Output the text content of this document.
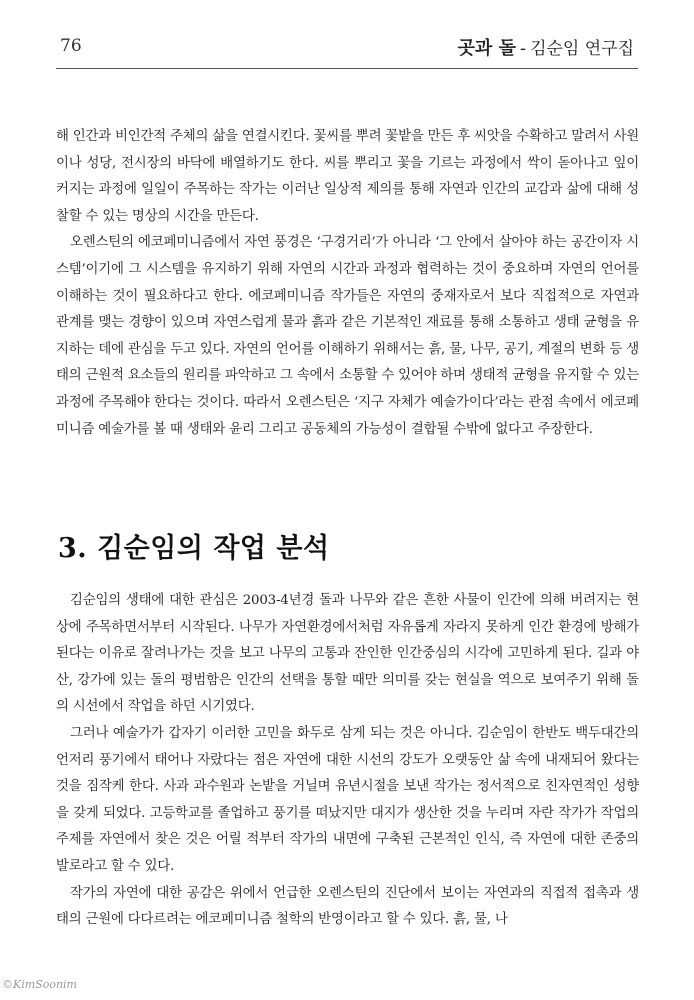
76	곳과 돌 - 김순임 연구집

해 인간과 비인간적 주체의 삶을 연결시킨다. 꽃씨를 뿌려 꽃밭을 만든 후 씨앗을 수확하고 말려서 사원이나 성당, 전시장의 바닥에 배열하기도 한다. 씨를 뿌리고 꽃을 기르는 과정에서 싹이 돋아나고 잎이 커지는 과정에 일일이 주목하는 작가는 이러난 일상적 제의를 통해 자연과 인간의 교감과 삶에 대해 성찰할 수 있는 명상의 시간을 만든다.

오렌스틴의 에코페미니즘에서 자연 풍경은 ‘구경거리’가 아니라 ‘그 안에서 살아야 하는 공간이자 시스템’이기에 그 시스템을 유지하기 위해 자연의 시간과 과정과 협력하는 것이 중요하며 자연의 언어를 이해하는 것이 필요하다고 한다. 에코페미니즘 작가들은 자연의 중재자로서 보다 직접적으로 자연과 관계를 맺는 경향이 있으며 자연스럽게 물과 흙과 같은 기본적인 재료를 통해 소통하고 생태 균형을 유지하는 데에 관심을 두고 있다. 자연의 언어를 이해하기 위해서는 흙, 물, 나무, 공기, 계절의 변화 등 생태의 근원적 요소들의 원리를 파악하고 그 속에서 소통할 수 있어야 하며 생태적 균형을 유지할 수 있는 과정에 주목해야 한다는 것이다. 따라서 오렌스틴은 ‘지구 자체가 예술가이다’라는 관점 속에서 에코페미니즘 예술가를 볼 때 생태와 윤리 그리고 공동체의 가능성이 결합될 수밖에 없다고 주장한다.

3. 김순임의 작업 분석

김순임의 생태에 대한 관심은 2003-4년경 돌과 나무와 같은 흔한 사물이 인간에 의해 버려지는 현상에 주목하면서부터 시작된다. 나무가 자연환경에서처럼 자유롭게 자라지 못하게 인간 환경에 방해가 된다는 이유로 잘려나가는 것을 보고 나무의 고통과 잔인한 인간중심의 시각에 고민하게 된다. 길과 야산, 강가에 있는 돌의 평범함은 인간의 선택을 통할 때만 의미를 갖는 현실을 역으로 보여주기 위해 돌의 시선에서 작업을 하던 시기였다.

그러나 예술가가 갑자기 이러한 고민을 화두로 삼게 되는 것은 아니다. 김순임이 한반도 백두대간의 언저리 풍기에서 태어나 자랐다는 점은 자연에 대한 시선의 강도가 오랫동안 삶 속에 내재되어 왔다는 것을 짐작케 한다. 사과 과수원과 논밭을 거닐며 유년시절을 보낸 작가는 정서적으로 친자연적인 성향을 갖게 되었다. 고등학교를 졸업하고 풍기를 떠났지만 대지가 생산한 것을 누리며 자란 작가가 작업의 주제를 자연에서 찾은 것은 어릴 적부터 작가의 내면에 구축된 근본적인 인식, 즉 자연에 대한 존중의 발로라고 할 수 있다.

작가의 자연에 대한 공감은 위에서 언급한 오렌스틴의 진단에서 보이는 자연과의 직접적 접촉과 생태의 근원에 다다르려는 에코페미니즘 철학의 반영이라고 할 수 있다. 흙, 물, 나

©KimSoonim
